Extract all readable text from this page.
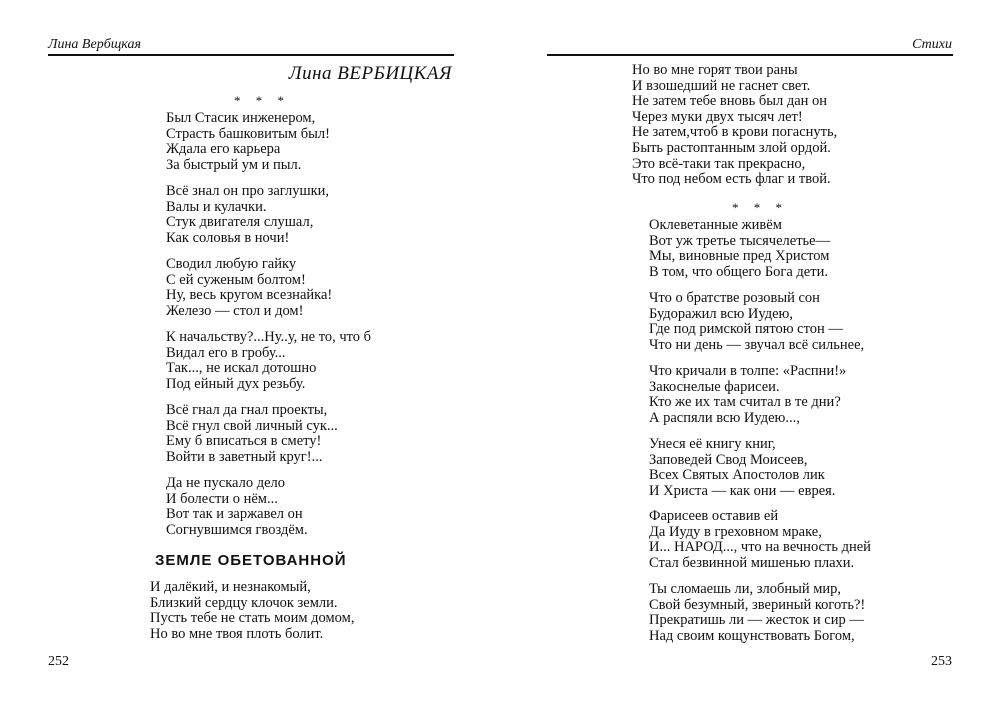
Лина Вербщкая
Лина ВЕРБИЦКАЯ
* * *
Был Стасик инженером,
Страсть башковитым был!
Ждала его карьера
За быстрый ум и пыл.
Всё знал он про заглушки,
Валы и кулачки.
Стук двигателя слушал,
Как соловья в ночи!
Сводил любую гайку
С ей суженым болтом!
Ну, весь кругом всезнайка!
Железо — стол и дом!
К начальству?...Ну..у, не то, что б
Видал его в гробу...
Так..., не искал дотошно
Под ейный дух резьбу.
Всё гнал да гнал проекты,
Всё гнул свой личный сук...
Ему б вписаться в смету!
Войти в заветный круг!...
Да не пускало дело
И болести о нём...
Вот так и заржавел он
Согнувшимся гвоздём.
ЗЕМЛЕ ОБЕТОВАННОЙ
И далёкий, и незнакомый,
Близкий сердцу клочок земли.
Пусть тебе не стать моим домом,
Но во мне твоя плоть болит.
252
Стихи
Но во мне горят твои раны
И взошедший не гаснет свет.
Не затем тебе вновь был дан он
Через муки двух тысяч лет!
Не затем,чтоб в крови погаснуть,
Быть растоптанным злой ордой.
Это всё-таки так прекрасно,
Что под небом есть флаг и твой.
* * *
Оклеветанные живём
Вот уж третье тысячелетье—
Мы, виновные пред Христом
В том, что общего Бога дети.
Что о братстве розовый сон
Будоражил всю Иудею,
Где под римской пятою стон —
Что ни день — звучал всё сильнее,
Что кричали в толпе: «Распни!»
Закоснелые фарисеи.
Кто же их там считал в те дни?
А распяли всю Иудею...,
Унеся её книгу книг,
Заповедей Свод Моисеев,
Всех Святых Апостолов лик
И Христа — как они — еврея.
Фарисеев оставив ей
Да Иуду в греховном мраке,
И... НАРОД..., что на вечность дней
Стал безвинной мишенью плахи.
Ты сломаешь ли, злобный мир,
Свой безумный, звериный коготь?!
Прекратишь ли — жесток и сир —
Над своим кощунствовать Богом,
253
